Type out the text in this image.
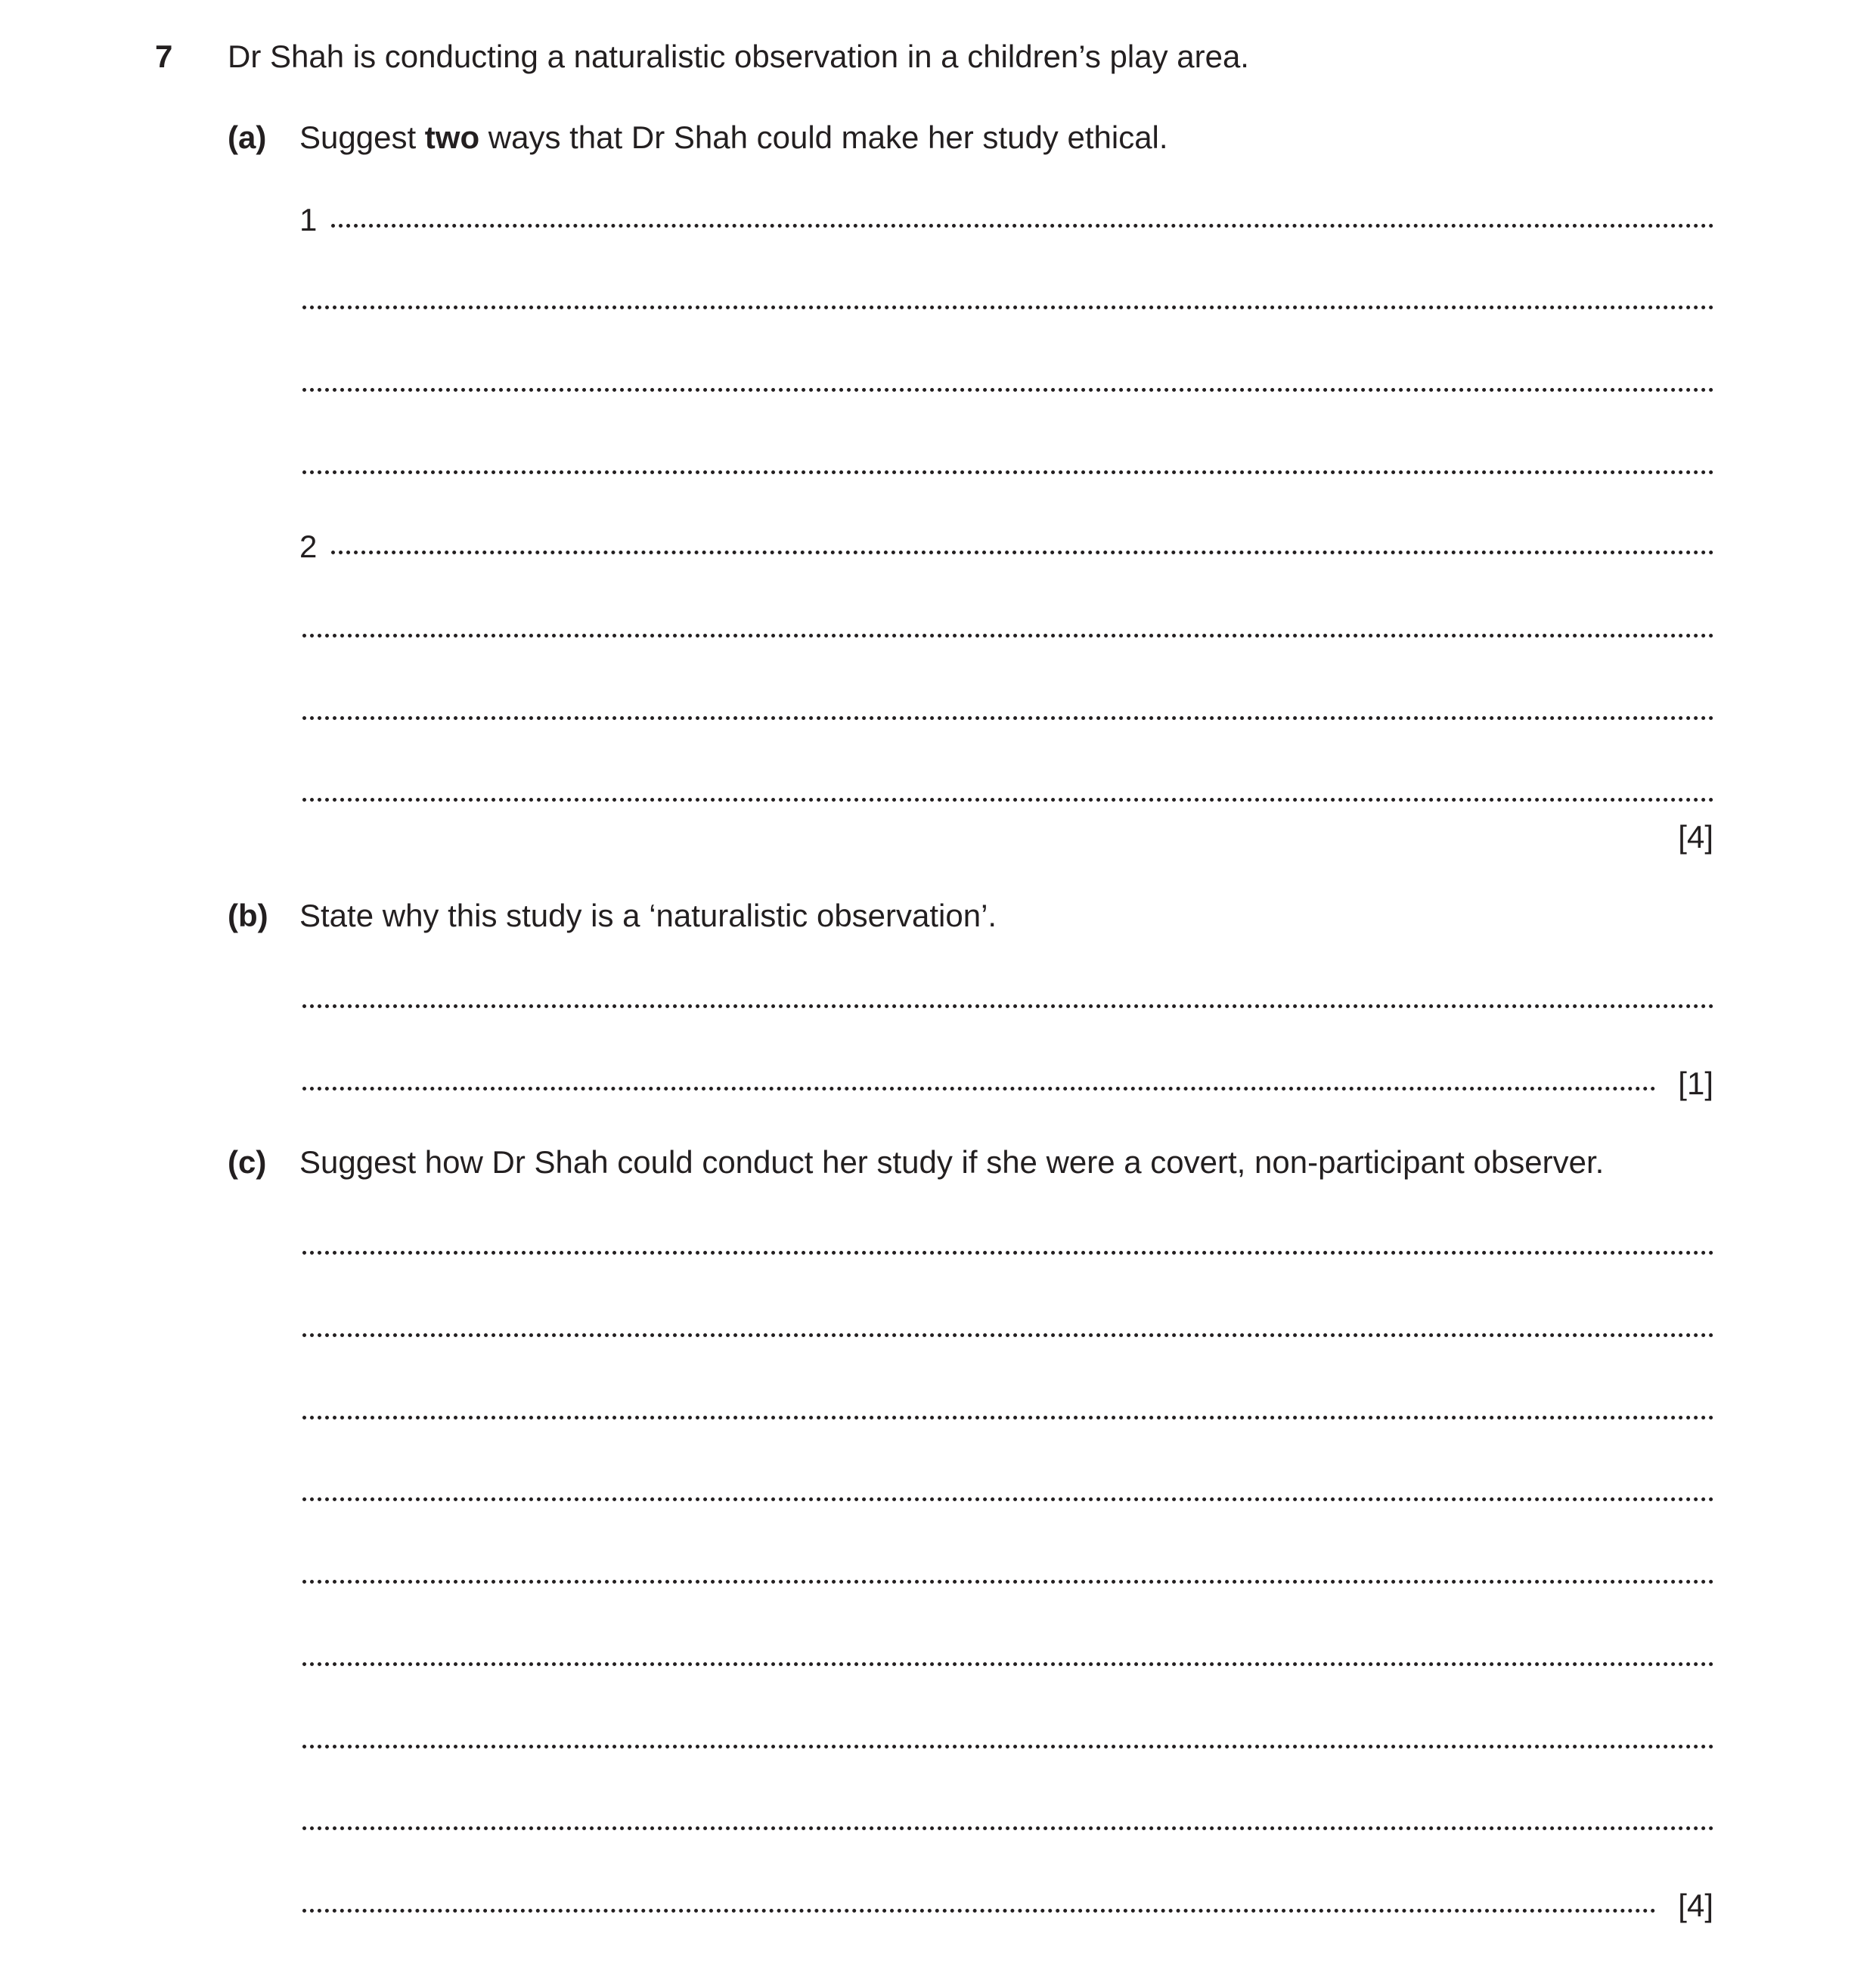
7 Dr Shah is conducting a naturalistic observation in a children’s play area.
(a) Suggest two ways that Dr Shah could make her study ethical.
1
2
[4]
(b) State why this study is a ‘naturalistic observation’.
[1]
(c) Suggest how Dr Shah could conduct her study if she were a covert, non-participant observer.
[4]
